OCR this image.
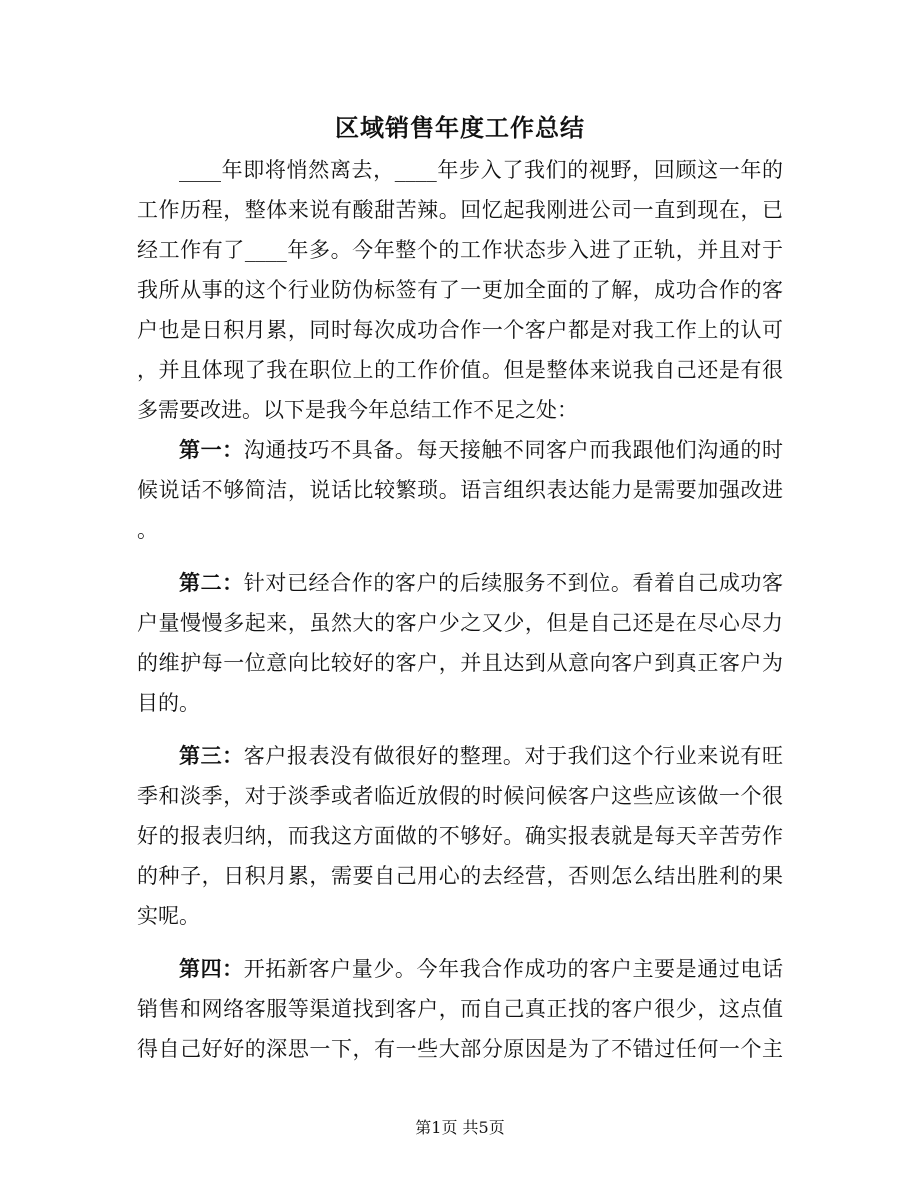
区域销售年度工作总结
____年即将悄然离去，____年步入了我们的视野，回顾这一年的
工作历程，整体来说有酸甜苦辣。回忆起我刚进公司一直到现在，已
经工作有了____年多。今年整个的工作状态步入进了正轨，并且对于
我所从事的这个行业防伪标签有了一更加全面的了解，成功合作的客
户也是日积月累，同时每次成功合作一个客户都是对我工作上的认可
，并且体现了我在职位上的工作价值。但是整体来说我自己还是有很
多需要改进。以下是我今年总结工作不足之处：
第一：沟通技巧不具备。每天接触不同客户而我跟他们沟通的时
候说话不够简洁，说话比较繁琐。语言组织表达能力是需要加强改进
。
第二：针对已经合作的客户的后续服务不到位。看着自己成功客
户量慢慢多起来，虽然大的客户少之又少，但是自己还是在尽心尽力
的维护每一位意向比较好的客户，并且达到从意向客户到真正客户为
目的。
第三：客户报表没有做很好的整理。对于我们这个行业来说有旺
季和淡季，对于淡季或者临近放假的时候问候客户这些应该做一个很
好的报表归纳，而我这方面做的不够好。确实报表就是每天辛苦劳作
的种子，日积月累，需要自己用心的去经营，否则怎么结出胜利的果
实呢。
第四：开拓新客户量少。今年我合作成功的客户主要是通过电话
销售和网络客服等渠道找到客户，而自己真正找的客户很少，这点值
得自己好好的深思一下，有一些大部分原因是为了不错过任何一个主
第1页 共5页
